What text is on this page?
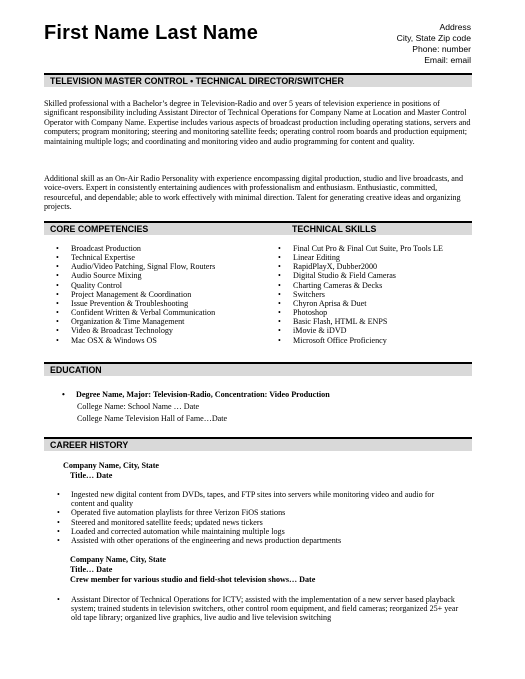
First Name Last Name	Address
City, State Zip code
Phone: number
Email: email
TELEVISION MASTER CONTROL • TECHNICAL DIRECTOR/SWITCHER

Skilled professional with a Bachelor’s degree in Television-Radio and over 5 years of television experience in positions of significant responsibility including Assistant Director of Technical Operations for Company Name at Location and Master Control Operator with Company Name. Expertise includes various aspects of broadcast production including operating stations, servers and computers; program monitoring; steering and monitoring satellite feeds; operating control room boards and production equipment; maintaining multiple logs; and coordinating and monitoring video and audio programming for content and quality.

Additional skill as an On-Air Radio Personality with experience encompassing digital production, studio and live broadcasts, and voice-overs. Expert in consistently entertaining audiences with professionalism and enthusiasm. Enthusiastic, committed, resourceful, and dependable; able to work effectively with minimal direction. Talent for generating creative ideas and organizing projects.

CORE COMPETENCIES	TECHNICAL SKILLS
• Broadcast Production
• Technical Expertise
• Audio/Video Patching, Signal Flow, Routers
• Audio Source Mixing
• Quality Control
• Project Management & Coordination
• Issue Prevention & Troubleshooting
• Confident Written & Verbal Communication
• Organization & Time Management
• Video & Broadcast Technology
• Mac OSX & Windows OS
• Final Cut Pro & Final Cut Suite, Pro Tools LE
• Linear Editing
• RapidPlayX, Dubber2000
• Digital Studio & Field Cameras
• Charting Cameras & Decks
• Switchers
• Chyron Aprisa & Duet
• Photoshop
• Basic Flash, HTML & ENPS
• iMovie & iDVD
• Microsoft Office Proficiency
EDUCATION
• Degree Name, Major: Television-Radio, Concentration: Video Production
College Name: School Name … Date
College Name Television Hall of Fame…Date
CAREER HISTORY
Company Name, City, State
Title… Date
• Ingested new digital content from DVDs, tapes, and FTP sites into servers while monitoring video and audio for content and quality
• Operated five automation playlists for three Verizon FiOS stations
• Steered and monitored satellite feeds; updated news tickers
• Loaded and corrected automation while maintaining multiple logs
• Assisted with other operations of the engineering and news production departments
Company Name, City, State
Title… Date
Crew member for various studio and field-shot television shows… Date
• Assistant Director of Technical Operations for ICTV; assisted with the implementation of a new server based playback system; trained students in television switchers, other control room equipment, and field cameras; reorganized 25+ year old tape library; organized live graphics, live audio and live television switching
